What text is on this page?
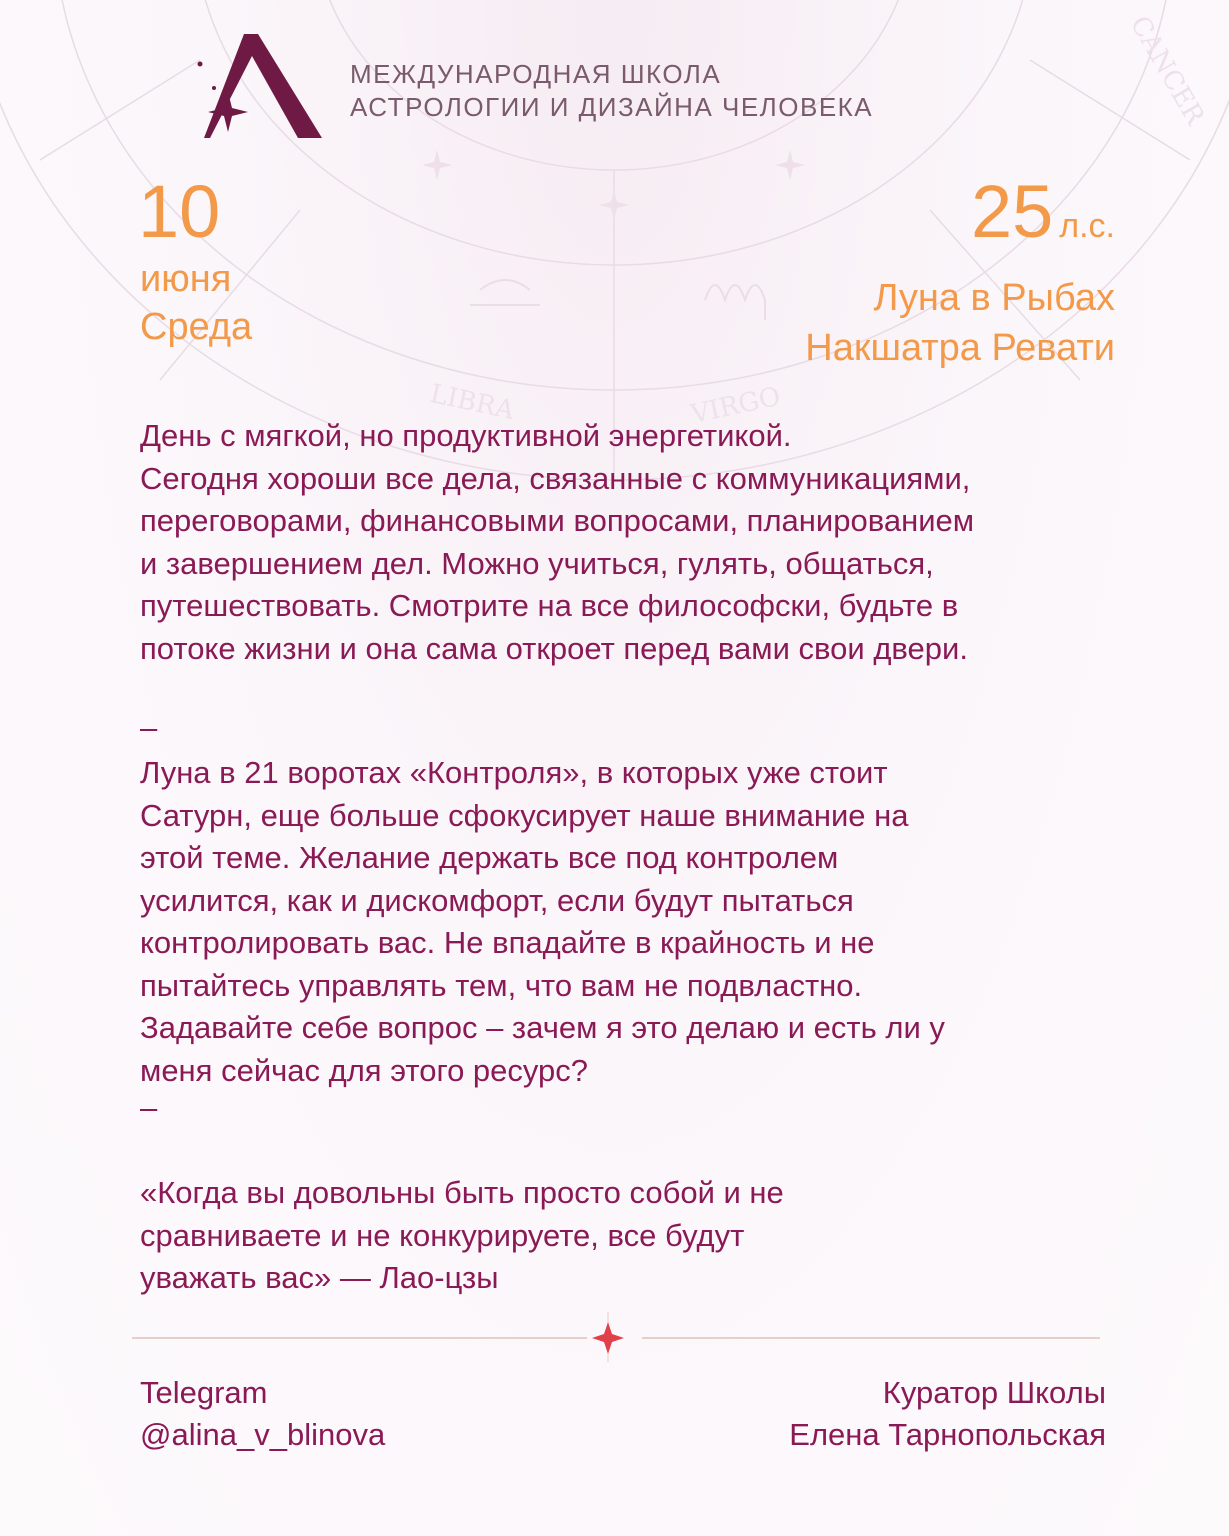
LIBRA	VIRGO
CANCER
МЕЖДУНАРОДНАЯ ШКОЛА
АСТРОЛОГИИ И ДИЗАЙНА ЧЕЛОВЕКА
10
июня
Среда
25 л.с.
Луна в Рыбах
Накшатра Ревати
День с мягкой, но продуктивной энергетикой.
Сегодня хороши все дела, связанные с коммуникациями,
переговорами, финансовыми вопросами, планированием
и завершением дел. Можно учиться, гулять, общаться,
путешествовать. Смотрите на все философски, будьте в
потоке жизни и она сама откроет перед вами свои двери.
–
Луна в 21 воротах «Контроля», в которых уже стоит
Сатурн, еще больше сфокусирует наше внимание на
этой теме. Желание держать все под контролем
усилится, как и дискомфорт, если будут пытаться
контролировать вас. Не впадайте в крайность и не
пытайтесь управлять тем, что вам не подвластно.
Задавайте себе вопрос – зачем я это делаю и есть ли у
меня сейчас для этого ресурс?
–
«Когда вы довольны быть просто собой и не
сравниваете и не конкурируете, все будут
уважать вас» — Лао-цзы
Telegram
@alina_v_blinova
Куратор Школы
Елена Тарнопольская
